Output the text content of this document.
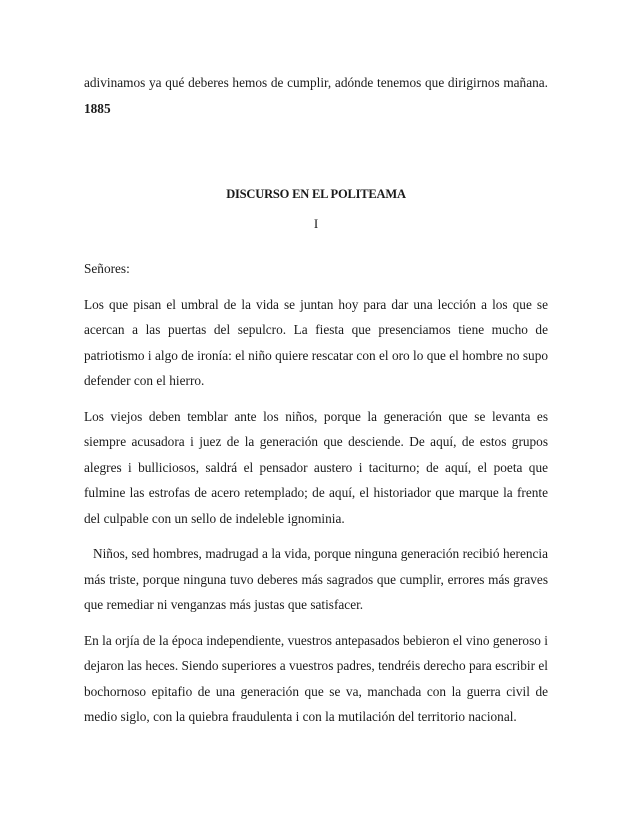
adivinamos ya qué deberes hemos de cumplir, adónde tenemos que dirigirnos mañana. 1885

DISCURSO EN EL POLITEAMA

I

Señores:

Los que pisan el umbral de la vida se juntan hoy para dar una lección a los que se acercan a las puertas del sepulcro. La fiesta que presenciamos tiene mucho de patriotismo i algo de ironía: el niño quiere rescatar con el oro lo que el hombre no supo defender con el hierro.

Los viejos deben temblar ante los niños, porque la generación que se levanta es siempre acusadora i juez de la generación que desciende. De aquí, de estos grupos alegres i bulliciosos, saldrá el pensador austero i taciturno; de aquí, el poeta que fulmine las estrofas de acero retemplado; de aquí, el historiador que marque la frente del culpable con un sello de indeleble ignominia.

Niños, sed hombres, madrugad a la vida, porque ninguna generación recibió herencia más triste, porque ninguna tuvo deberes más sagrados que cumplir, errores más graves que remediar ni venganzas más justas que satisfacer.

En la orjía de la época independiente, vuestros antepasados bebieron el vino generoso i dejaron las heces. Siendo superiores a vuestros padres, tendréis derecho para escribir el bochornoso epitafio de una generación que se va, manchada con la guerra civil de medio siglo, con la quiebra fraudulenta i con la mutilación del territorio nacional.
